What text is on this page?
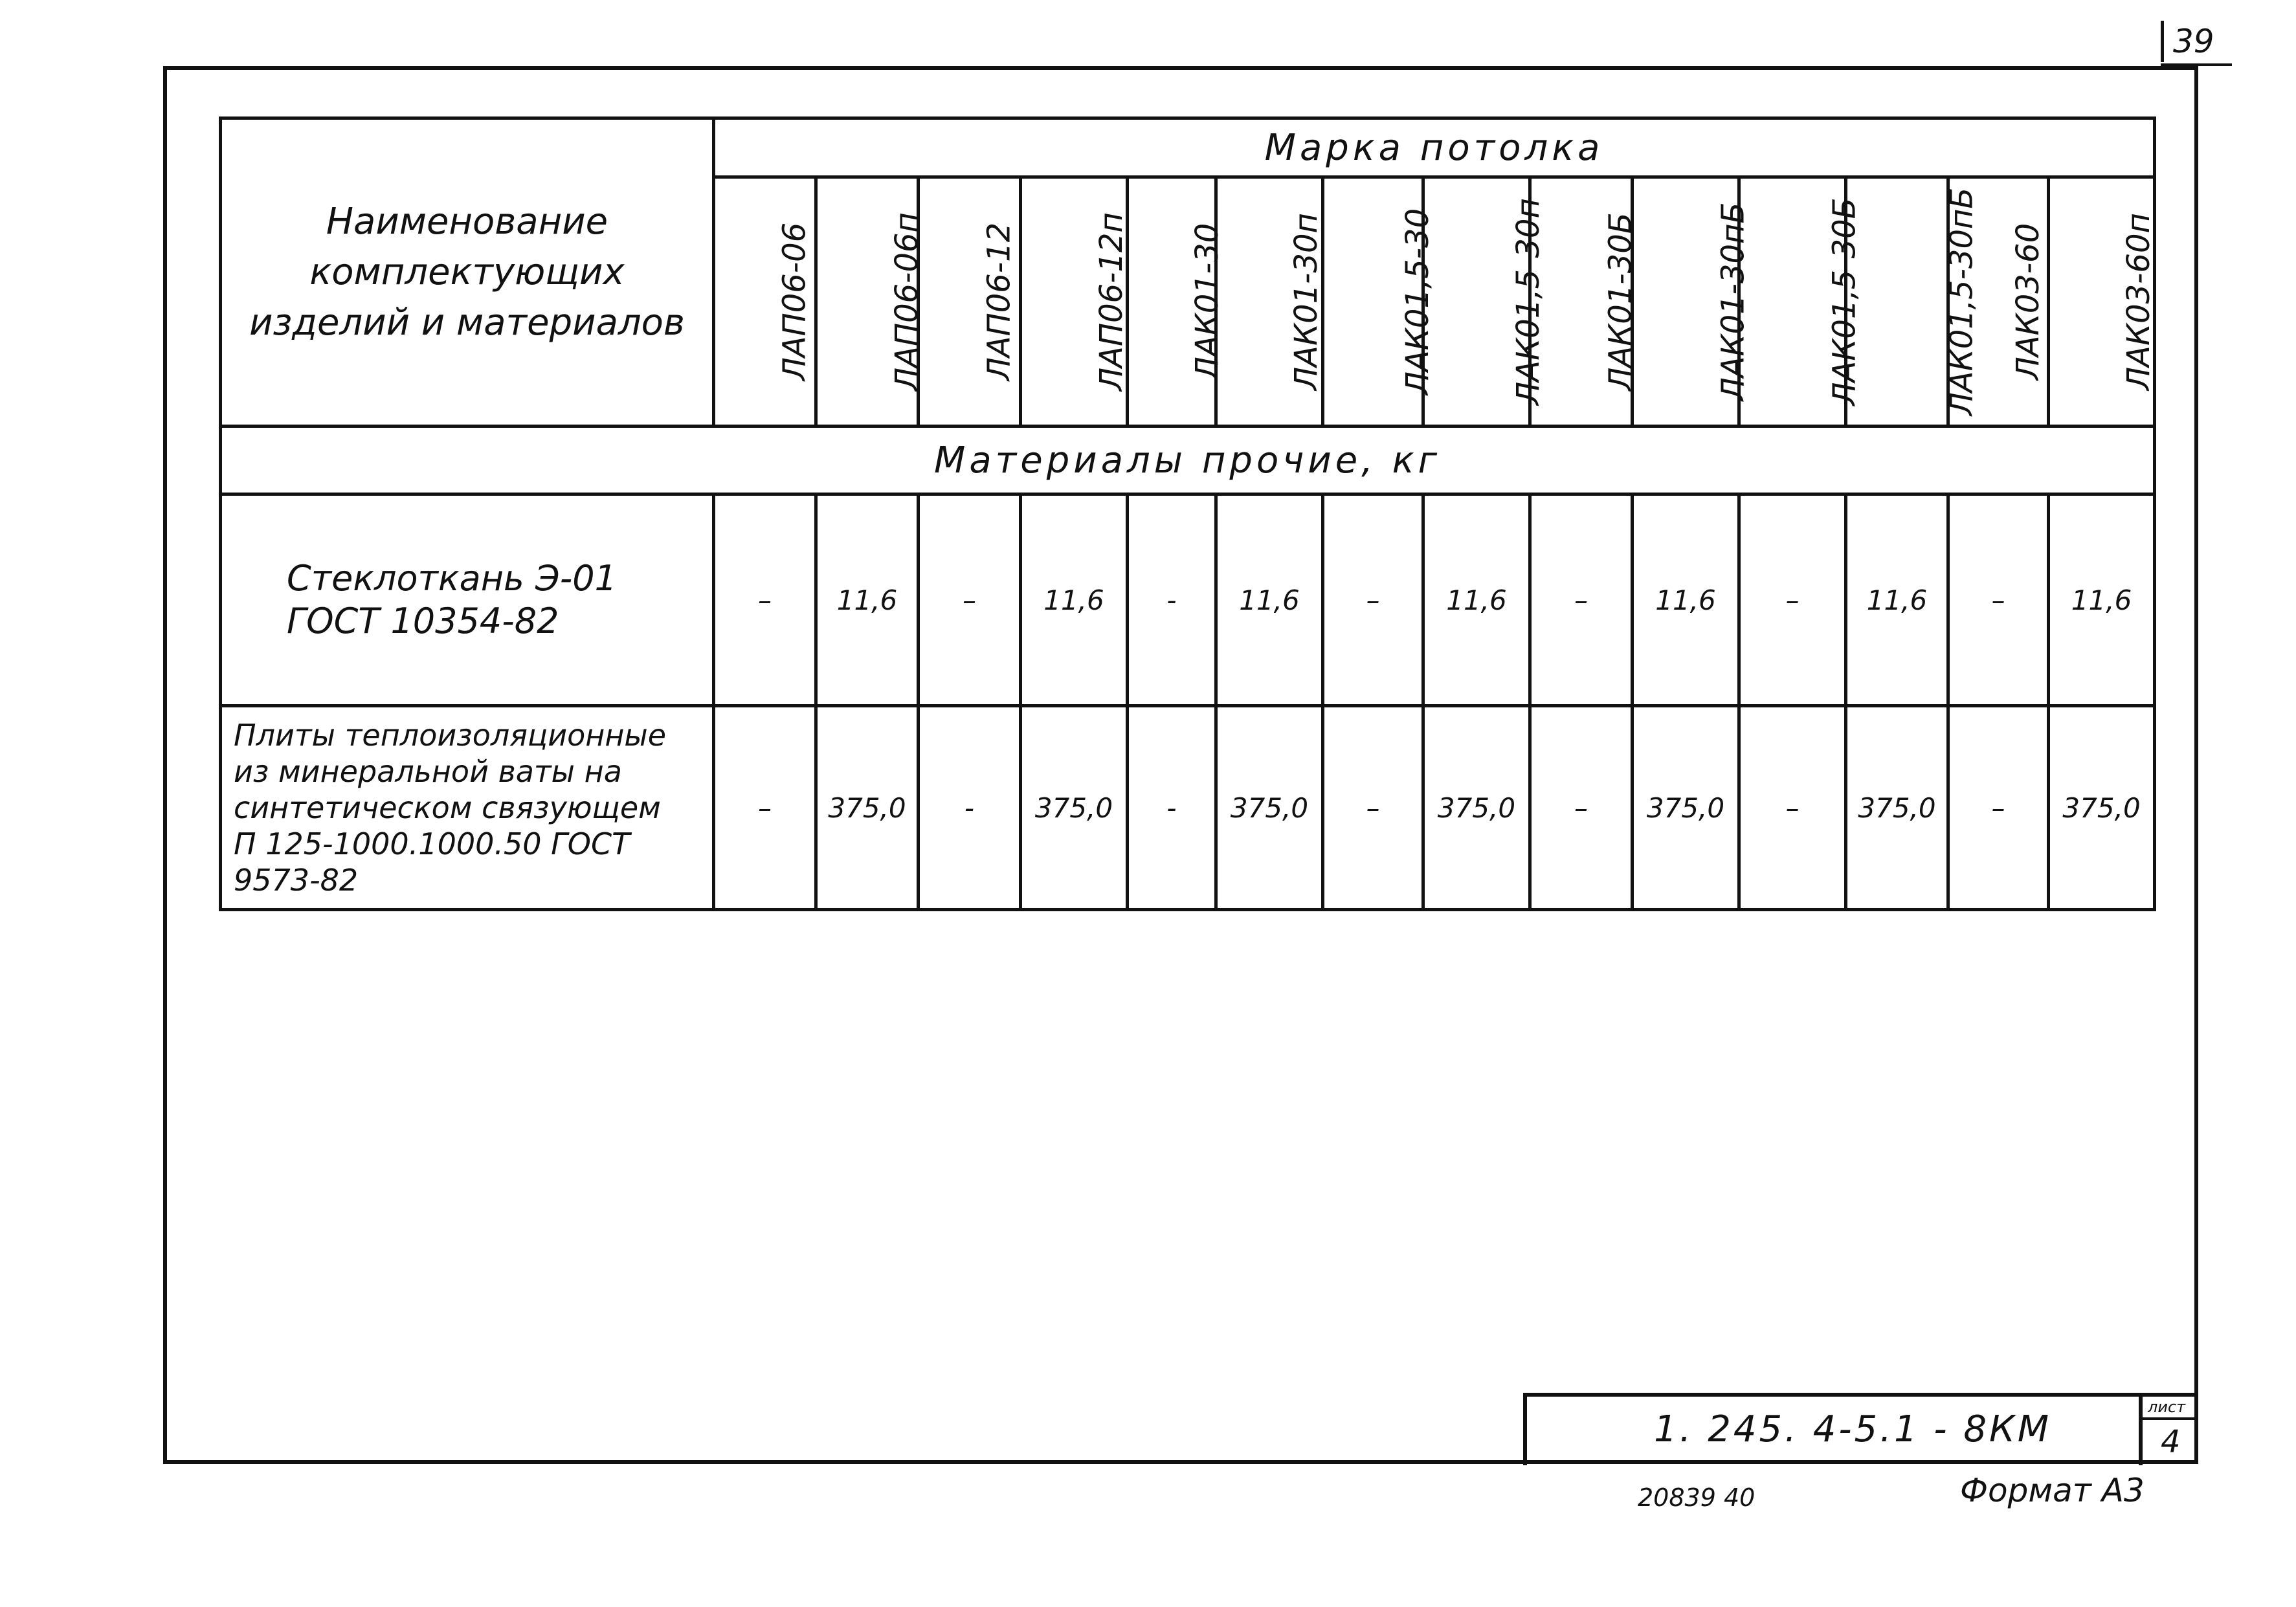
39
Наименование
комплектующих
изделий и материалов	Марка потолка													
	ЛАП06-06	ЛАП06-06п	ЛАП06-12	ЛАП06-12п	ЛАК01-30	ЛАК01-30п	ЛАК01,5-30	ЛАК01,5-30п	ЛАК01-30Б	ЛАК01-30пБ	ЛАК01,5-30Б	ЛАК01,5-30пБ	ЛАК03-60	ЛАК03-60п
Материалы прочие, кг														

Стеклоткань Э-01
ГОСТ 10354-82	–	11,6	–	11,6	-	11,6	–	11,6	–	11,6	–	11,6	–	11,6

Плиты теплоизоляционные
из минеральной ваты на
синтетическом связующем
П 125-1000.1000.50 ГОСТ 9573-82	–	375,0	-	375,0	-	375,0	–	375,0	–	375,0	–	375,0	–	375,0
1. 245. 4-5.1 - 8КМ
лист
4
20839 40	Формат А3
